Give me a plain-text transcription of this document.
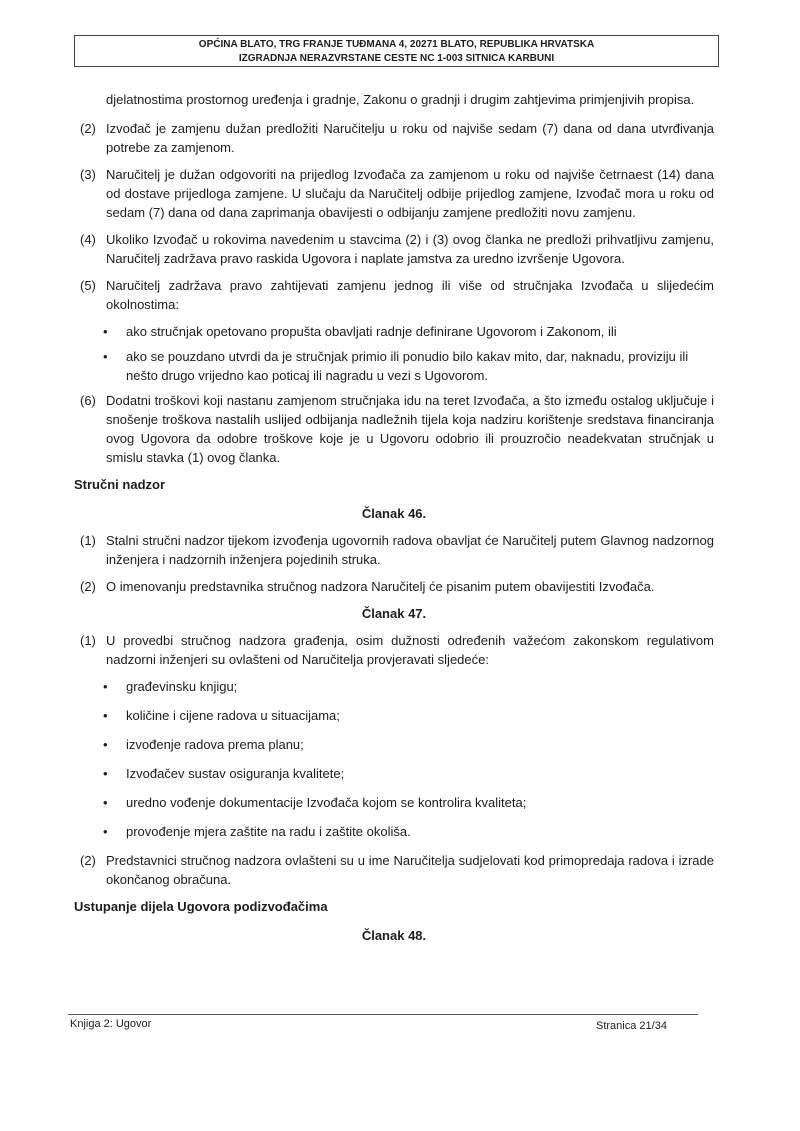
OPĆINA BLATO, TRG FRANJE TUĐMANA 4, 20271 BLATO, REPUBLIKA HRVATSKA
IZGRADNJA NERAZVRSTANE CESTE NC 1-003 SITNICA KARBUNI

djelatnostima prostornog uređenja i gradnje, Zakonu o gradnji i drugim zahtjevima primjenjivih propisa.

(2) Izvođač je zamjenu dužan predložiti Naručitelju u roku od najviše sedam (7) dana od dana utvrđivanja potrebe za zamjenom.
(3) Naručitelj je dužan odgovoriti na prijedlog Izvođača za zamjenom u roku od najviše četrnaest (14) dana od dostave prijedloga zamjene. U slučaju da Naručitelj odbije prijedlog zamjene, Izvođač mora u roku od sedam (7) dana od dana zaprimanja obavijesti o odbijanju zamjene predložiti novu zamjenu.
(4) Ukoliko Izvođač u rokovima navedenim u stavcima (2) i (3) ovog članka ne predloži prihvatljivu zamjenu, Naručitelj zadržava pravo raskida Ugovora i naplate jamstva za uredno izvršenje Ugovora.
(5) Naručitelj zadržava pravo zahtijevati zamjenu jednog ili više od stručnjaka Izvođača u slijedećim okolnostima:
• ako stručnjak opetovano propušta obavljati radnje definirane Ugovorom i Zakonom, ili
• ako se pouzdano utvrdi da je stručnjak primio ili ponudio bilo kakav mito, dar, naknadu, proviziju ili nešto drugo vrijedno kao poticaj ili nagradu u vezi s Ugovorom.
(6) Dodatni troškovi koji nastanu zamjenom stručnjaka idu na teret Izvođača, a što između ostalog uključuje i snošenje troškova nastalih uslijed odbijanja nadležnih tijela koja nadziru korištenje sredstava financiranja ovog Ugovora da odobre troškove koje je u Ugovoru odobrio ili prouzročio neadekvatan stručnjak u smislu stavka (1) ovog članka.
Stručni nadzor
Članak 46.
(1) Stalni stručni nadzor tijekom izvođenja ugovornih radova obavljat će Naručitelj putem Glavnog nadzornog inženjera i nadzornih inženjera pojedinih struka.
(2) O imenovanju predstavnika stručnog nadzora Naručitelj će pisanim putem obavijestiti Izvođača.
Članak 47.
(1) U provedbi stručnog nadzora građenja, osim dužnosti određenih važećom zakonskom regulativom nadzorni inženjeri su ovlašteni od Naručitelja provjeravati sljedeće:
• građevinsku knjigu;
• količine i cijene radova u situacijama;
• izvođenje radova prema planu;
• Izvođačev sustav osiguranja kvalitete;
• uredno vođenje dokumentacije Izvođača kojom se kontrolira kvaliteta;
• provođenje mjera zaštite na radu i zaštite okoliša.
(2) Predstavnici stručnog nadzora ovlašteni su u ime Naručitelja sudjelovati kod primopredaja radova i izrade okončanog obračuna.
Ustupanje dijela Ugovora podizvođačima
Članak 48.
Knjiga 2: Ugovor	Stranica 21/34
